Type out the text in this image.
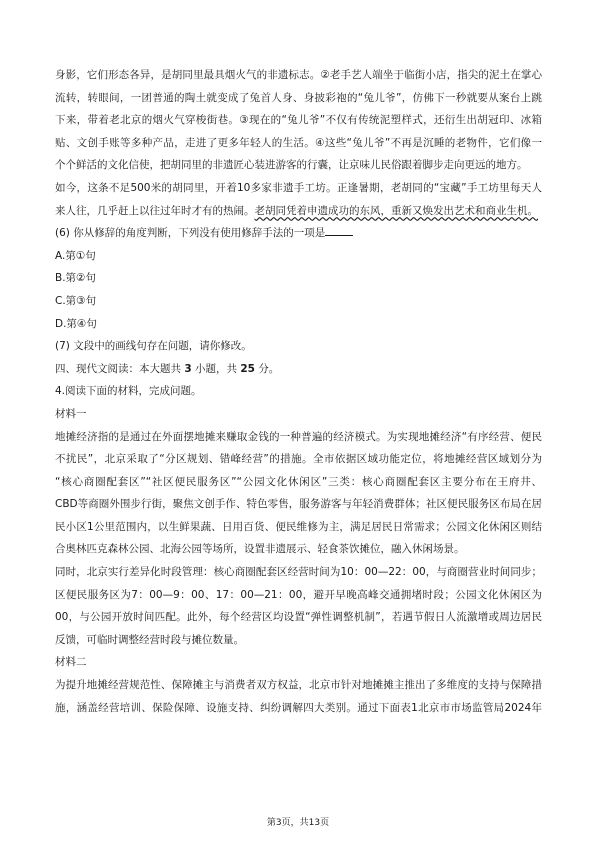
身影，它们形态各异，是胡同里最具烟火气的非遗标志。②老手艺人端坐于临街小店，指尖的泥土在掌心
流转，转眼间，一团普通的陶土就变成了兔首人身、身披彩袍的“兔儿爷”，仿佛下一秒就要从案台上跳
下来，带着老北京的烟火气穿梭街巷。③现在的“兔儿爷”不仅有传统泥塑样式，还衍生出胡冠印、冰箱
贴、文创手账等多种产品，走进了更多年轻人的生活。④这些“兔儿爷”不再是沉睡的老物件，它们像一
个个鲜活的文化信使，把胡同里的非遗匠心装进游客的行囊，让京味儿民俗跟着脚步走向更远的地方。
如今，这条不足500米的胡同里，开着10多家非遗手工坊。正逢暑期，老胡同的“宝藏”手工坊里每天人
来人往，几乎赶上以往过年时才有的热闹。老胡同凭着申遗成功的东风，重新又焕发出艺术和商业生机。
(6) 你从修辞的角度判断，下列没有使用修辞手法的一项是
A.第①句
B.第②句
C.第③句
D.第④句
(7) 文段中的画线句存在问题，请你修改。
四、现代文阅读：本大题共 3 小题，共 25 分。
4.阅读下面的材料，完成问题。
材料一
地摊经济指的是通过在外面摆地摊来赚取金钱的一种普遍的经济模式。为实现地摊经济“有序经营、便民
不扰民”，北京采取了“分区规划、错峰经营”的措施。全市依据区域功能定位，将地摊经营区域划分为
“核心商圈配套区”“社区便民服务区”“公园文化休闲区”三类：核心商圈配套区主要分布在王府井、
CBD等商圈外围步行街，聚焦文创手作、特色零售，服务游客与年轻消费群体；社区便民服务区布局在居
民小区1公里范围内，以生鲜果蔬、日用百货、便民维修为主，满足居民日常需求；公园文化休闲区则结
合奥林匹克森林公园、北海公园等场所，设置非遗展示、轻食茶饮摊位，融入休闲场景。
同时，北京实行差异化时段管理：核心商圈配套区经营时间为10：00—22：00，与商圈营业时间同步；
区便民服务区为7：00—9：00、17：00—21：00，避开早晚高峰交通拥堵时段；公园文化休闲区为
00，与公园开放时间匹配。此外，每个经营区均设置“弹性调整机制”，若遇节假日人流激增或周边居民
反馈，可临时调整经营时段与摊位数量。
材料二
为提升地摊经营规范性、保障摊主与消费者双方权益，北京市针对地摊摊主推出了多维度的支持与保障措
施，涵盖经营培训、保险保障、设施支持、纠纷调解四大类别。通过下面表1北京市市场监管局2024年
第3页，共13页
